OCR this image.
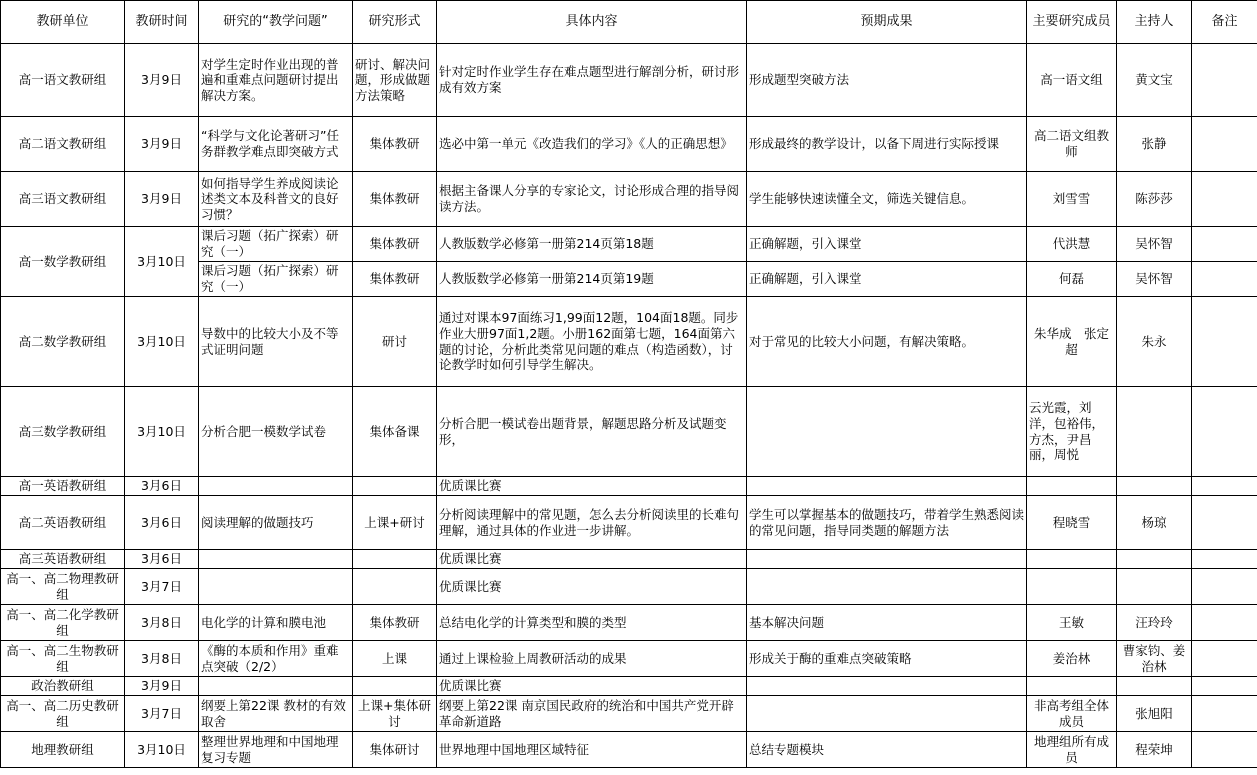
教研单位	教研时间	研究的“教学问题”	研究形式	具体内容	预期成果	主要研究成员	主持人	备注
高一语文教研组	3月9日	对学生定时作业出现的普遍和重难点问题研讨提出解决方案。	研讨、解决问题，形成做题方法策略	针对定时作业学生存在难点题型进行解剖分析，研讨形成有效方案	形成题型突破方法	高一语文组	黄文宝	
高二语文教研组	3月9日	“科学与文化论著研习”任务群教学难点即突破方式	集体教研	选必中第一单元《改造我们的学习》《人的正确思想》	形成最终的教学设计，以备下周进行实际授课	高二语文组教师	张静	
高三语文教研组	3月9日	如何指导学生养成阅读论述类文本及科普文的良好习惯？	集体教研	根据主备课人分享的专家论文，讨论形成合理的指导阅读方法。	学生能够快速读懂全文，筛选关键信息。	刘雪雪	陈莎莎	
高一数学教研组	3月10日	课后习题（拓广探索）研究（一）	集体教研	人教版数学必修第一册第214页第18题	正确解题，引入课堂	代洪慧	吴怀智	
		课后习题（拓广探索）研究（一）	集体教研	人教版数学必修第一册第214页第19题	正确解题，引入课堂	何磊	吴怀智	
高二数学教研组	3月10日	导数中的比较大小及不等式证明问题	研讨	通过对课本97面练习1,99面12题，104面18题。同步作业大册97面1,2题。小册162面第七题，164面第六题的讨论，分析此类常见问题的难点（构造函数），讨论教学时如何引导学生解决。	对于常见的比较大小问题，有解决策略。	朱华成　张定超	朱永	
高三数学教研组	3月10日	分析合肥一模数学试卷	集体备课	分析合肥一模试卷出题背景，解题思路分析及试题变形，		云光霞，刘洋，包裕伟，方杰，尹昌丽，周悦		
高一英语教研组	3月6日			优质课比赛				
高二英语教研组	3月6日	阅读理解的做题技巧	上课+研讨	分析阅读理解中的常见题，怎么去分析阅读里的长难句理解，通过具体的作业进一步讲解。	学生可以掌握基本的做题技巧，带着学生熟悉阅读的常见问题，指导同类题的解题方法	程晓雪	杨琼	
高三英语教研组	3月6日			优质课比赛				
高一、高二物理教研组	3月7日			优质课比赛				
高一、高二化学教研组	3月8日	电化学的计算和膜电池	集体教研	总结电化学的计算类型和膜的类型	基本解决问题	王敏	汪玲玲	
高一、高二生物教研组	3月8日	《酶的本质和作用》重难点突破（2/2）	上课	通过上课检验上周教研活动的成果	形成关于酶的重难点突破策略	姜治林	曹家钧、姜治林	
政治教研组	3月9日			优质课比赛				
高一、高二历史教研组	3月7日	纲要上第22课 教材的有效取舍	上课+集体研讨	纲要上第22课 南京国民政府的统治和中国共产党开辟革命新道路		非高考组全体成员	张旭阳	
地理教研组	3月10日	整理世界地理和中国地理复习专题	集体研讨	世界地理中国地理区域特征	总结专题模块	地理组所有成员	程荣坤	
